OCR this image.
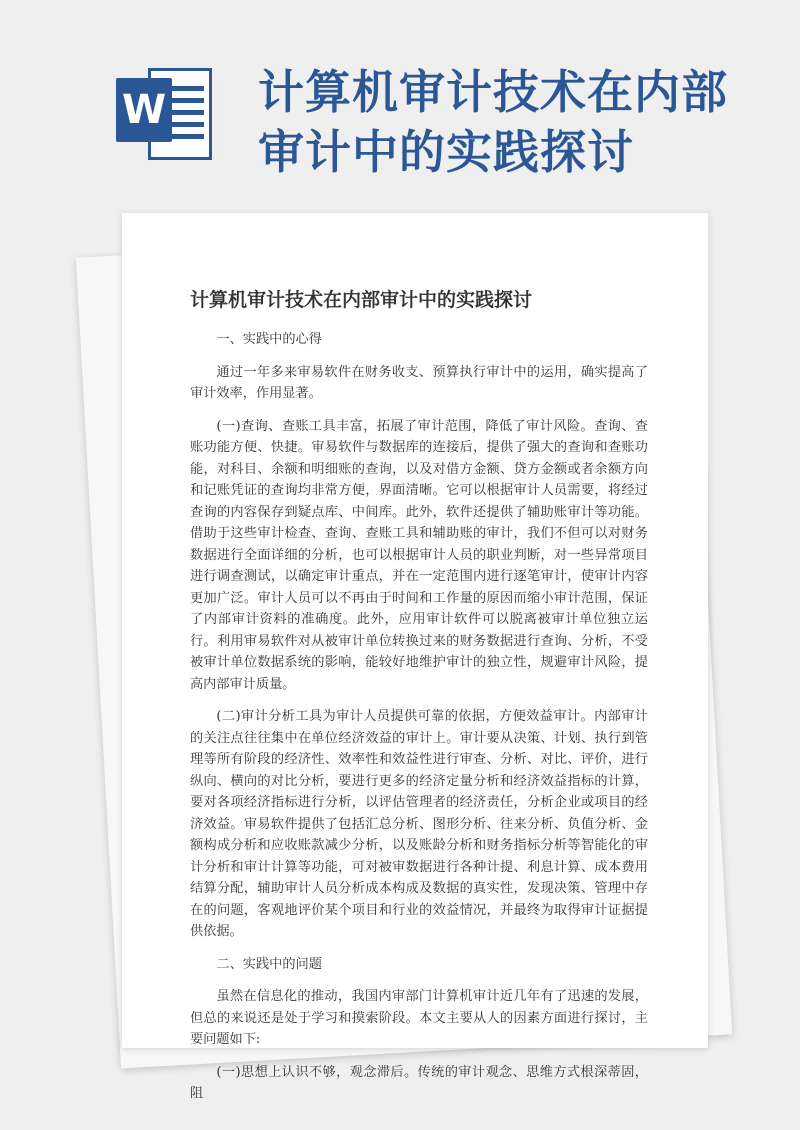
W 计算机审计技术在内部审计中的实践探讨
计算机审计技术在内部审计中的实践探讨

一、实践中的心得

通过一年多来审易软件在财务收支、预算执行审计中的运用，确实提高了审计效率，作用显著。

(一)查询、查账工具丰富，拓展了审计范围，降低了审计风险。查询、查账功能方便、快捷。审易软件与数据库的连接后，提供了强大的查询和查账功能，对科目、余额和明细账的查询，以及对借方金额、贷方金额或者余额方向和记账凭证的查询均非常方便，界面清晰。它可以根据审计人员需要，将经过查询的内容保存到疑点库、中间库。此外，软件还提供了辅助账审计等功能。借助于这些审计检查、查询、查账工具和辅助账的审计，我们不但可以对财务数据进行全面详细的分析，也可以根据审计人员的职业判断，对一些异常项目进行调查测试，以确定审计重点，并在一定范围内进行逐笔审计，使审计内容更加广泛。审计人员可以不再由于时间和工作量的原因而缩小审计范围，保证了内部审计资料的准确度。此外，应用审计软件可以脱离被审计单位独立运行。利用审易软件对从被审计单位转换过来的财务数据进行查询、分析，不受被审计单位数据系统的影响，能较好地维护审计的独立性，规避审计风险，提高内部审计质量。

(二)审计分析工具为审计人员提供可靠的依据，方便效益审计。内部审计的关注点往往集中在单位经济效益的审计上。审计要从决策、计划、执行到管理等所有阶段的经济性、效率性和效益性进行审查、分析、对比、评价，进行纵向、横向的对比分析，要进行更多的经济定量分析和经济效益指标的计算，要对各项经济指标进行分析，以评估管理者的经济责任，分析企业或项目的经济效益。审易软件提供了包括汇总分析、图形分析、往来分析、负值分析、金额构成分析和应收账款减少分析，以及账龄分析和财务指标分析等智能化的审计分析和审计计算等功能，可对被审数据进行各种计提、利息计算、成本费用结算分配，辅助审计人员分析成本构成及数据的真实性，发现决策、管理中存在的问题，客观地评价某个项目和行业的效益情况，并最终为取得审计证据提供依据。

二、实践中的问题

虽然在信息化的推动，我国内审部门计算机审计近几年有了迅速的发展，但总的来说还是处于学习和摸索阶段。本文主要从人的因素方面进行探讨，主要问题如下:

(一)思想上认识不够，观念滞后。传统的审计观念、思维方式根深蒂固，阻
